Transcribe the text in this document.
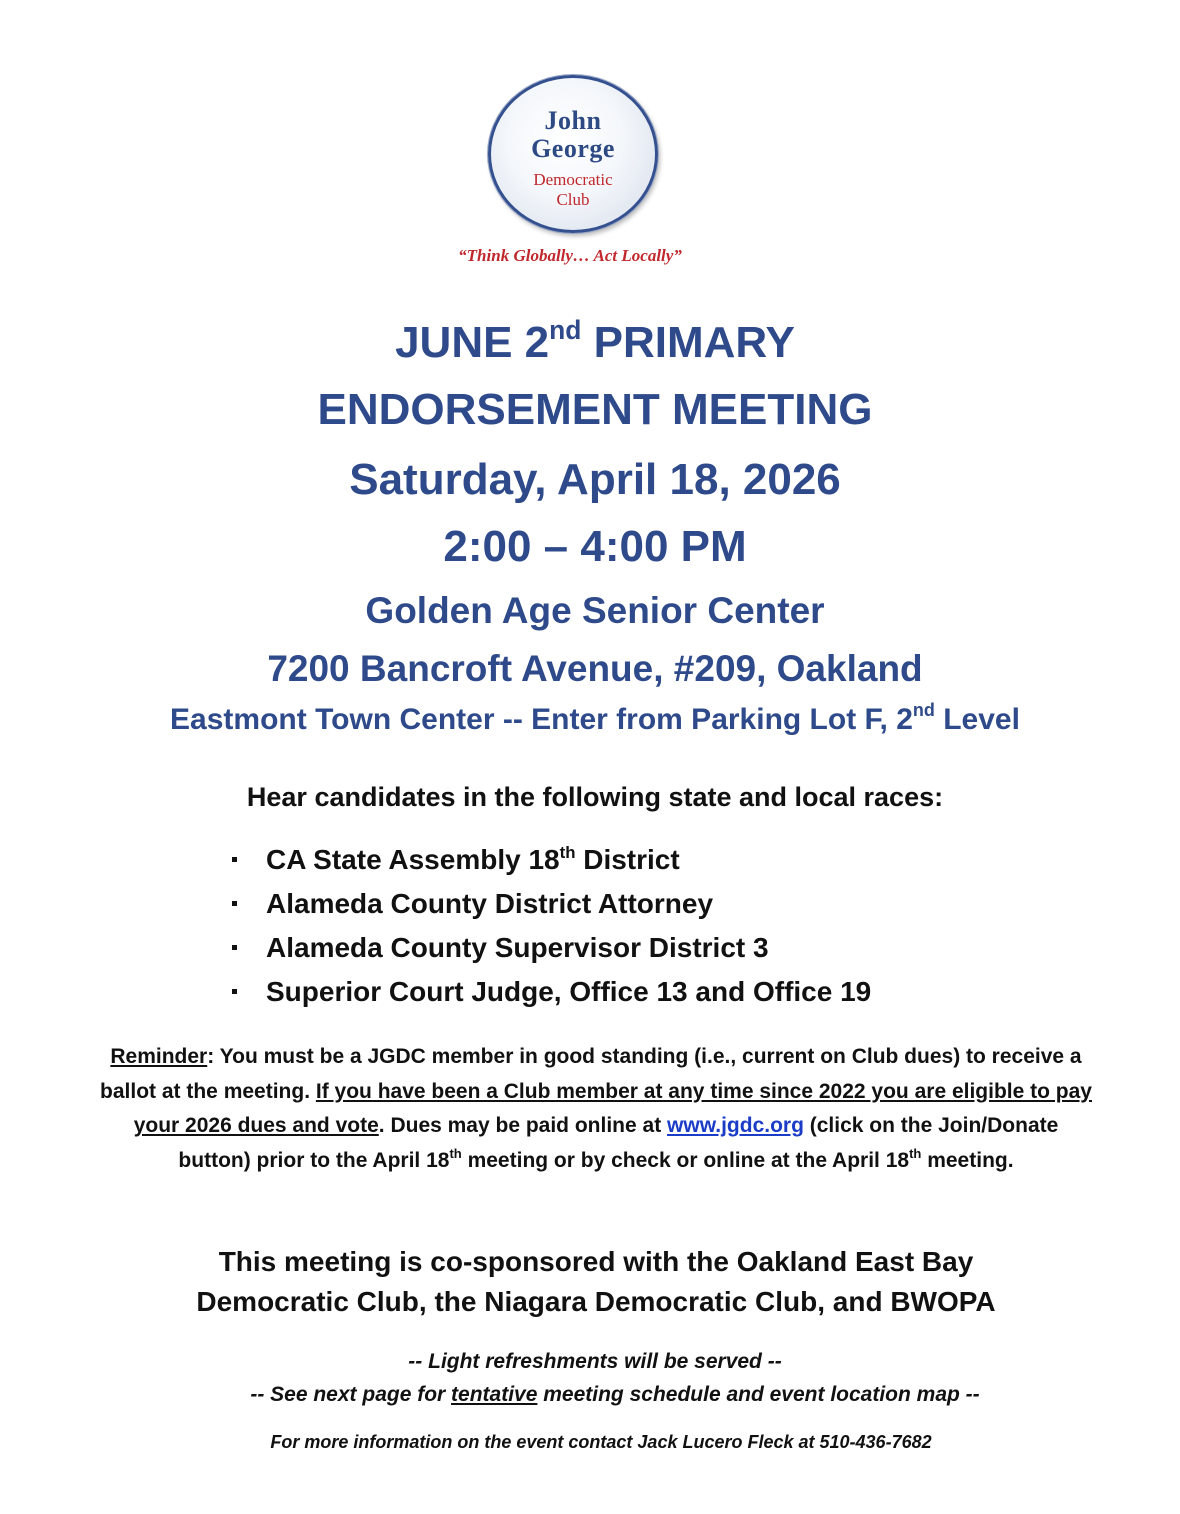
John
George
Democratic
Club
“Think Globally… Act Locally”
JUNE 2nd PRIMARY
ENDORSEMENT MEETING
Saturday, April 18, 2026
2:00 – 4:00 PM
Golden Age Senior Center
7200 Bancroft Avenue, #209, Oakland
Eastmont Town Center -- Enter from Parking Lot F, 2nd Level
Hear candidates in the following state and local races:
CA State Assembly 18th District
Alameda County District Attorney
Alameda County Supervisor District 3
Superior Court Judge, Office 13 and Office 19
Reminder: You must be a JGDC member in good standing (i.e., current on Club dues) to receive a ballot at the meeting. If you have been a Club member at any time since 2022 you are eligible to pay your 2026 dues and vote. Dues may be paid online at www.jgdc.org (click on the Join/Donate button) prior to the April 18th meeting or by check or online at the April 18th meeting.
This meeting is co-sponsored with the Oakland East Bay
Democratic Club, the Niagara Democratic Club, and BWOPA
-- Light refreshments will be served --
-- See next page for tentative meeting schedule and event location map --
For more information on the event contact Jack Lucero Fleck at 510-436-7682
